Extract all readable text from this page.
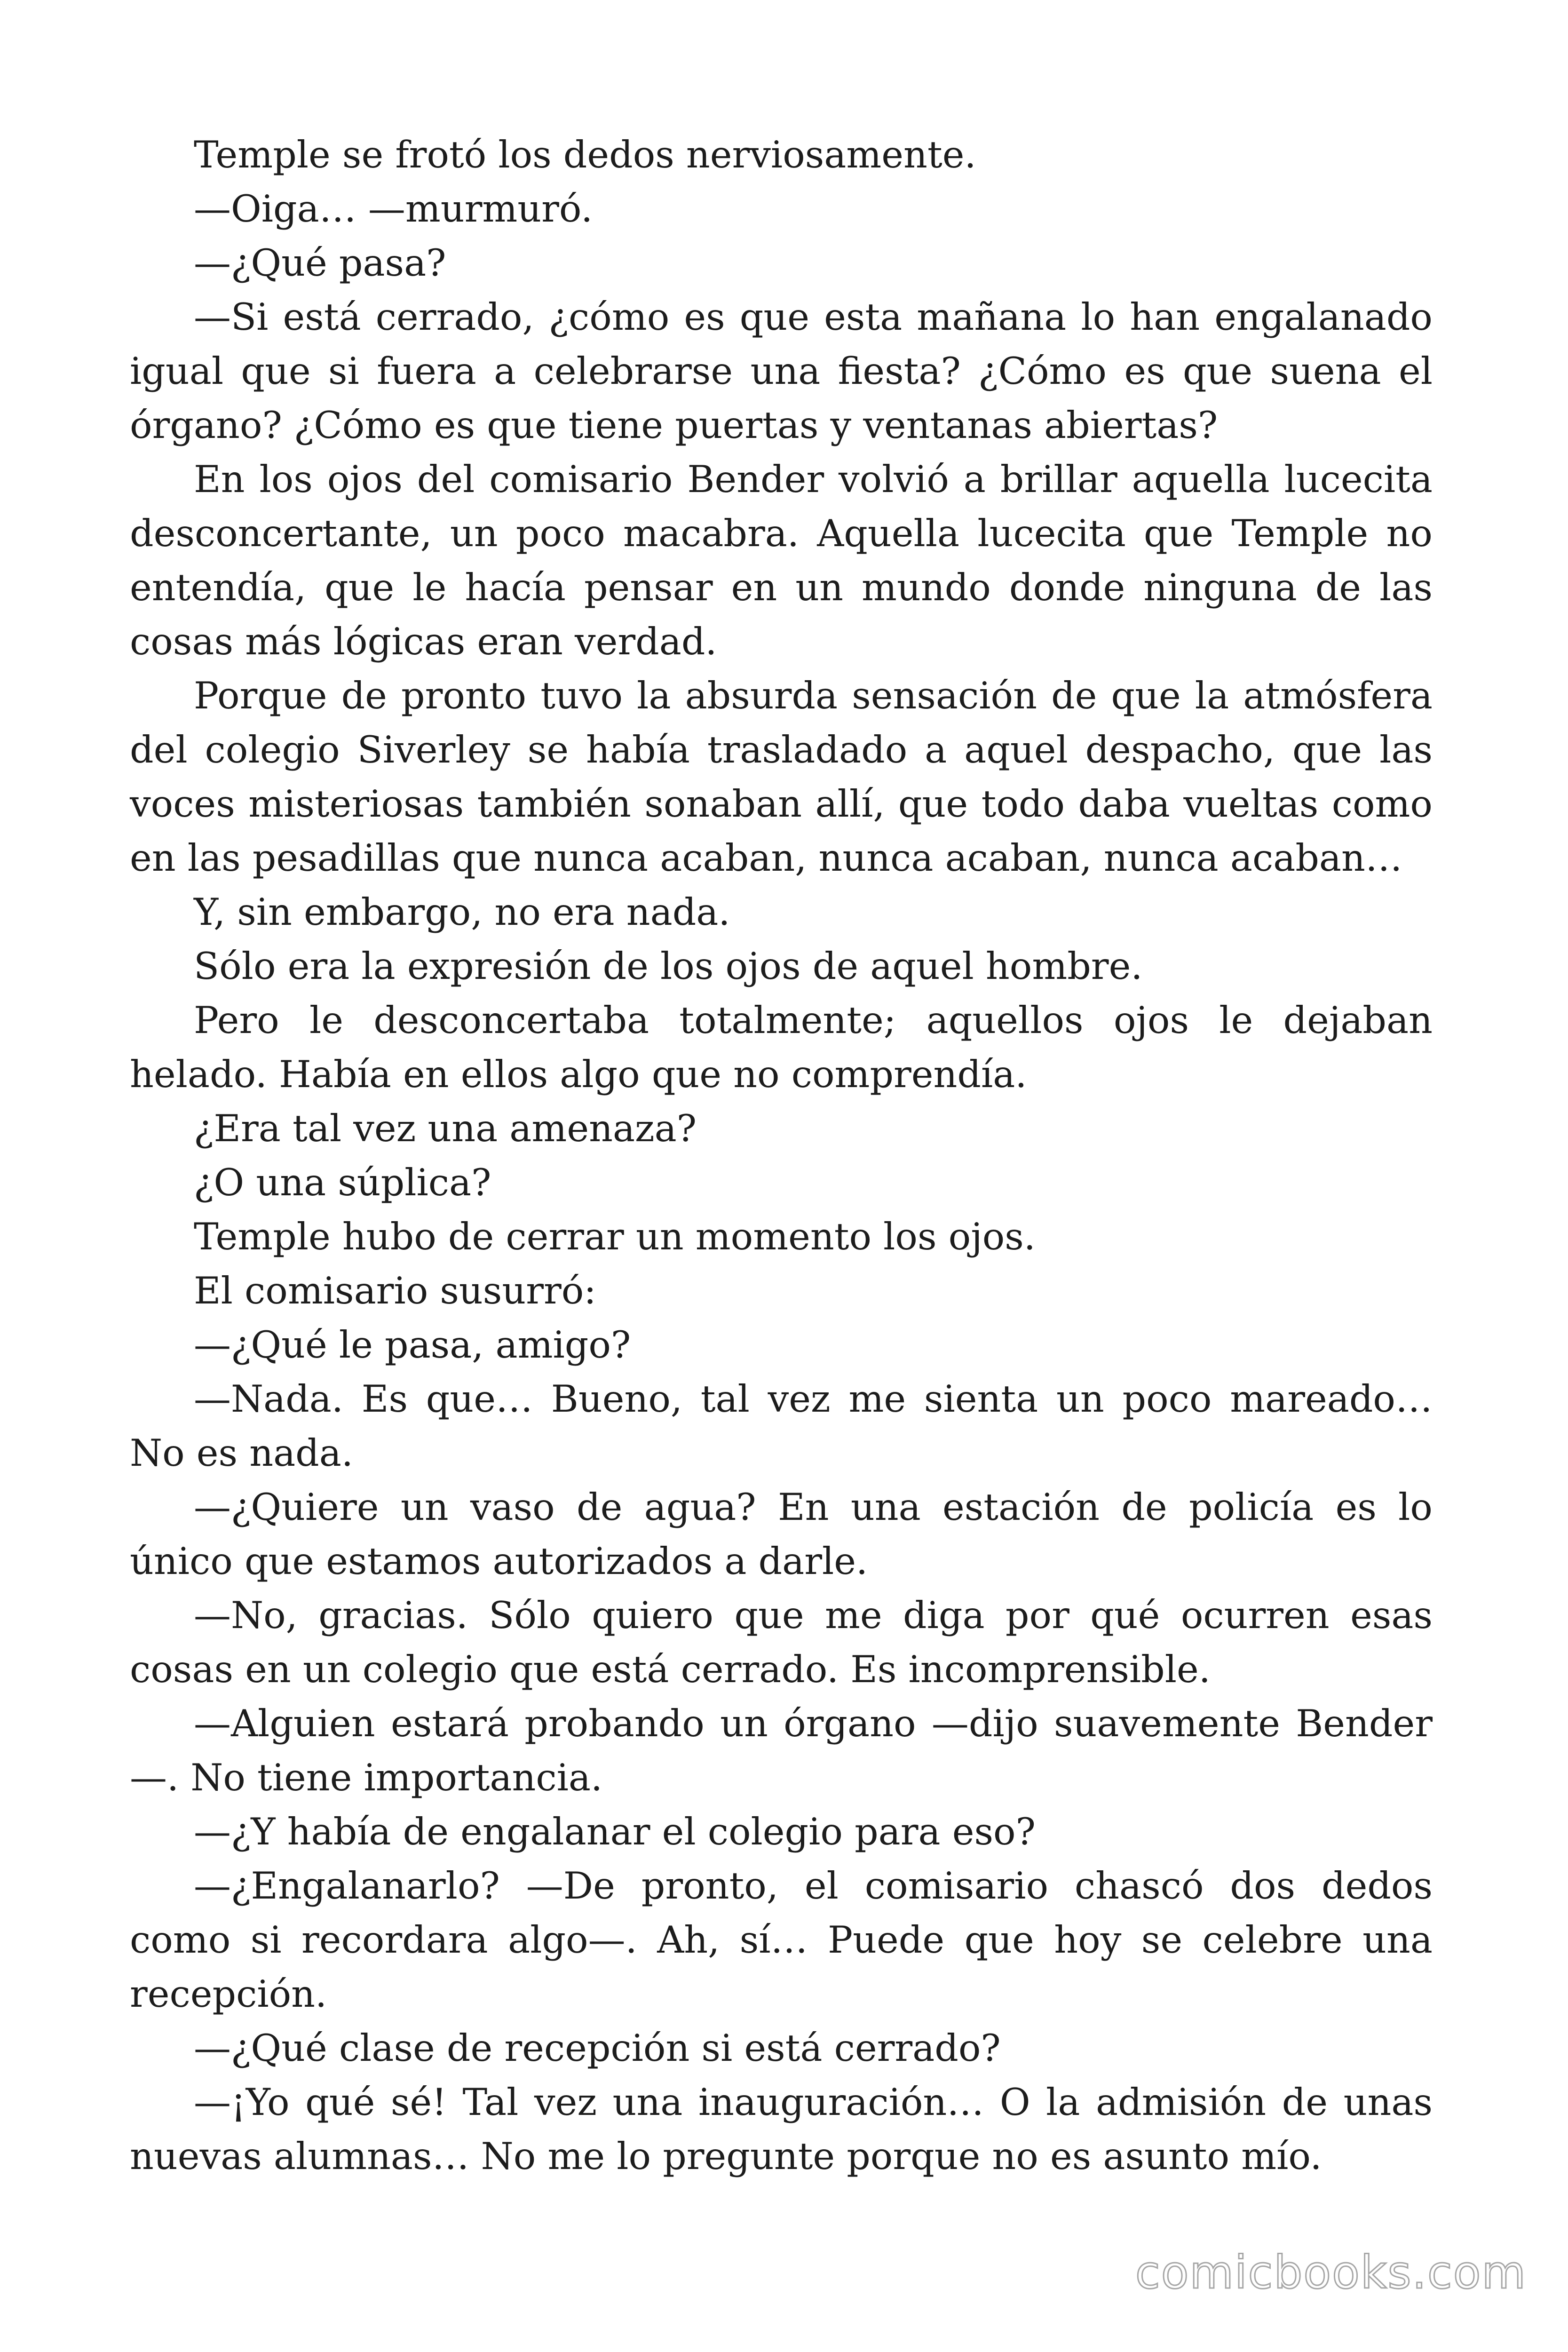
Temple se frotó los dedos nerviosamente.

—Oiga… —murmuró.

—¿Qué pasa?

—Si está cerrado, ¿cómo es que esta mañana lo han engalanado igual que si fuera a celebrarse una fiesta? ¿Cómo es que suena el órgano? ¿Cómo es que tiene puertas y ventanas abiertas?

En los ojos del comisario Bender volvió a brillar aquella lucecita desconcertante, un poco macabra. Aquella lucecita que Temple no entendía, que le hacía pensar en un mundo donde ninguna de las cosas más lógicas eran verdad.

Porque de pronto tuvo la absurda sensación de que la atmósfera del colegio Siverley se había trasladado a aquel despacho, que las voces misteriosas también sonaban allí, que todo daba vueltas como en las pesadillas que nunca acaban, nunca acaban, nunca acaban…

Y, sin embargo, no era nada.

Sólo era la expresión de los ojos de aquel hombre.

Pero le desconcertaba totalmente; aquellos ojos le dejaban helado. Había en ellos algo que no comprendía.

¿Era tal vez una amenaza?

¿O una súplica?

Temple hubo de cerrar un momento los ojos.

El comisario susurró:

—¿Qué le pasa, amigo?

—Nada. Es que… Bueno, tal vez me sienta un poco mareado… No es nada.

—¿Quiere un vaso de agua? En una estación de policía es lo único que estamos autorizados a darle.

—No, gracias. Sólo quiero que me diga por qué ocurren esas cosas en un colegio que está cerrado. Es incomprensible.

—Alguien estará probando un órgano —dijo suavemente Bender —. No tiene importancia.

—¿Y había de engalanar el colegio para eso?

—¿Engalanarlo? —De pronto, el comisario chascó dos dedos como si recordara algo—. Ah, sí… Puede que hoy se celebre una recepción.

—¿Qué clase de recepción si está cerrado?

—¡Yo qué sé! Tal vez una inauguración… O la admisión de unas nuevas alumnas… No me lo pregunte porque no es asunto mío.

comicbooks.com
